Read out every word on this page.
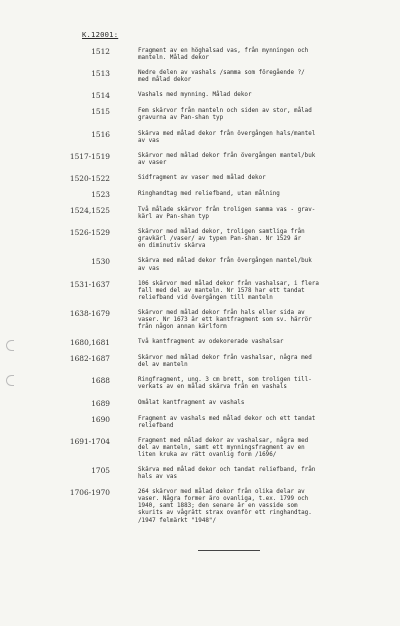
K.12001:
1512	Fragment av en höghalsad vas, från mynningen och
manteln. Målad dekor
1513	Nedre delen av vashals /samma som föregående ?/
med målad dekor
1514	Vashals med mynning. Målad dekor
1515	Fem skärvor från manteln och siden av stor, målad
gravurna av Pan-shan typ
1516	Skärva med målad dekor från övergången hals/mantel
av vas
1517-1519	Skärvor med målad dekor från övergången mantel/buk
av vaser
1520-1522	Sidfragment av vaser med målad dekor
1523	Ringhandtag med reliefband, utan målning
1524,1525	Två målade skärvor från troligen samma vas - grav-
kärl av Pan-shan typ
1526-1529	Skärvor med målad dekor, troligen samtliga från
gravkärl /vaser/ av typen Pan-shan. Nr 1529 är
en diminutiv skärva
1530	Skärva med målad dekor från övergången mantel/buk
av vas
1531-1637	106 skärvor med målad dekor från vashalsar, i flera
fall med del av manteln. Nr 1578 har ett tandat
reliefband vid övergången till manteln
1638-1679	Skärvor med målad dekor från hals eller sida av
vaser. Nr 1673 är ett kantfragment som sv. härrör
från någon annan kärlform
1680,1681	Två kantfragment av odekorerade vashalsar
1682-1687	Skärvor med målad dekor från vashalsar, några med
del av manteln
1688	Ringfragment, ung. 3 cm brett, som troligen till-
verkats av en målad skärva från en vashals
1689	Omålat kantfragment av vashals
1690	Fragment av vashals med målad dekor och ett tandat
reliefband
1691-1704	Fragment med målad dekor av vashalsar, några med
del av manteln, samt ett mynningsfragment av en
liten kruka av rätt ovanlig form /1696/
1705	Skärva med målad dekor och tandat reliefband, från
hals av vas
1706-1970	264 skärvor med målad dekor från olika delar av
vaser. Några former äro ovanliga, t.ex. 1799 och
1940, samt 1883; den senare är en vasside som
skurits av vågrätt strax ovanför ett ringhandtag.
/1947 felmärkt "1948"/
